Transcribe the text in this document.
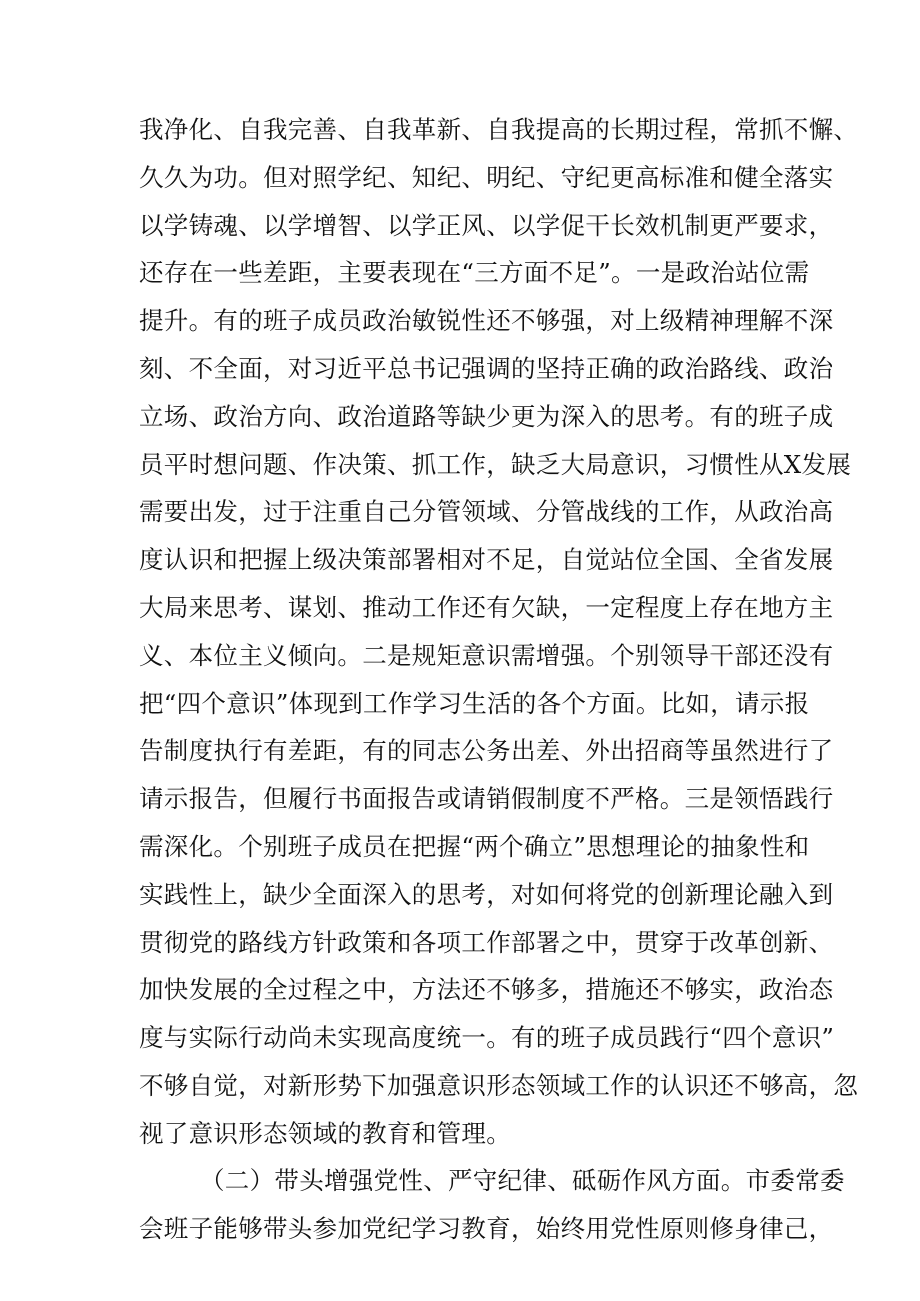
我净化、自我完善、自我革新、自我提高的长期过程，常抓不懈、
久久为功。但对照学纪、知纪、明纪、守纪更高标准和健全落实
以学铸魂、以学增智、以学正风、以学促干长效机制更严要求，
还存在一些差距，主要表现在“三方面不足”。一是政治站位需
提升。有的班子成员政治敏锐性还不够强，对上级精神理解不深
刻、不全面，对习近平总书记强调的坚持正确的政治路线、政治
立场、政治方向、政治道路等缺少更为深入的思考。有的班子成
员平时想问题、作决策、抓工作，缺乏大局意识，习惯性从X发展
需要出发，过于注重自己分管领域、分管战线的工作，从政治高
度认识和把握上级决策部署相对不足，自觉站位全国、全省发展
大局来思考、谋划、推动工作还有欠缺，一定程度上存在地方主
义、本位主义倾向。二是规矩意识需增强。个别领导干部还没有
把“四个意识”体现到工作学习生活的各个方面。比如，请示报
告制度执行有差距，有的同志公务出差、外出招商等虽然进行了
请示报告，但履行书面报告或请销假制度不严格。三是领悟践行
需深化。个别班子成员在把握“两个确立”思想理论的抽象性和
实践性上，缺少全面深入的思考，对如何将党的创新理论融入到
贯彻党的路线方针政策和各项工作部署之中，贯穿于改革创新、
加快发展的全过程之中，方法还不够多，措施还不够实，政治态
度与实际行动尚未实现高度统一。有的班子成员践行“四个意识”
不够自觉，对新形势下加强意识形态领域工作的认识还不够高，忽
视了意识形态领域的教育和管理。
（二）带头增强党性、严守纪律、砥砺作风方面。市委常委
会班子能够带头参加党纪学习教育，始终用党性原则修身律己，
